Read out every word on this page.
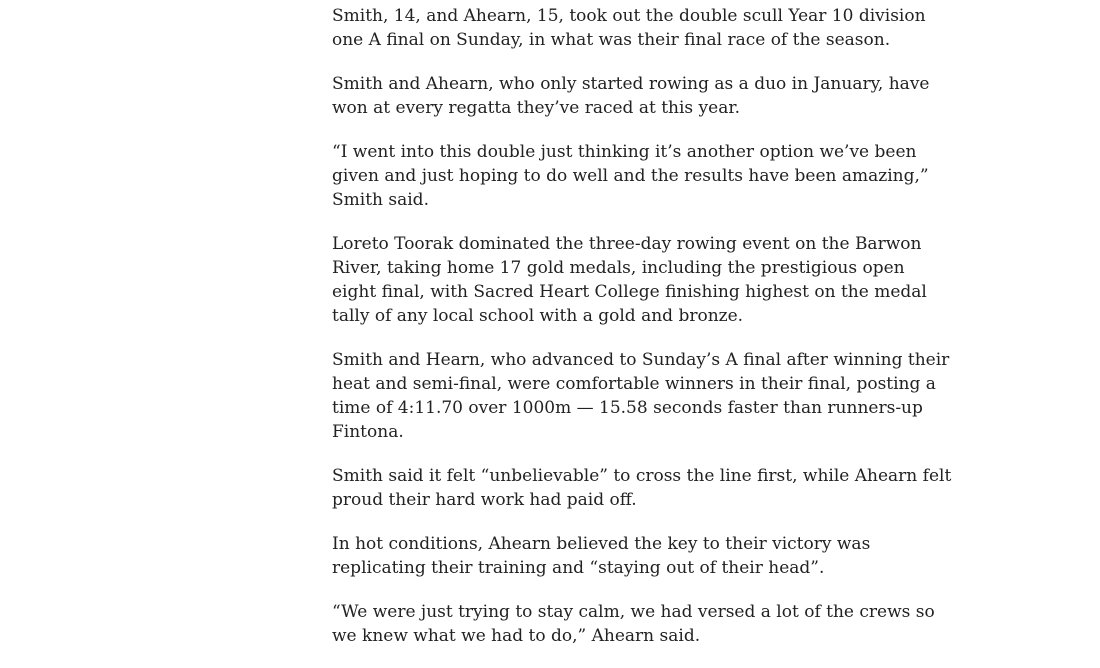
Smith, 14, and Ahearn, 15, took out the double scull Year 10 division one A final on Sunday, in what was their final race of the season.

Smith and Ahearn, who only started rowing as a duo in January, have won at every regatta they’ve raced at this year.

“I went into this double just thinking it’s another option we’ve been given and just hoping to do well and the results have been amazing,” Smith said.

Loreto Toorak dominated the three-day rowing event on the Barwon River, taking home 17 gold medals, including the prestigious open eight final, with Sacred Heart College finishing highest on the medal tally of any local school with a gold and bronze.

Smith and Hearn, who advanced to Sunday’s A final after winning their heat and semi-final, were comfortable winners in their final, posting a time of 4:11.70 over 1000m — 15.58 seconds faster than runners-up Fintona.

Smith said it felt “unbelievable” to cross the line first, while Ahearn felt proud their hard work had paid off.

In hot conditions, Ahearn believed the key to their victory was replicating their training and “staying out of their head”.

“We were just trying to stay calm, we had versed a lot of the crews so we knew what we had to do,” Ahearn said.
